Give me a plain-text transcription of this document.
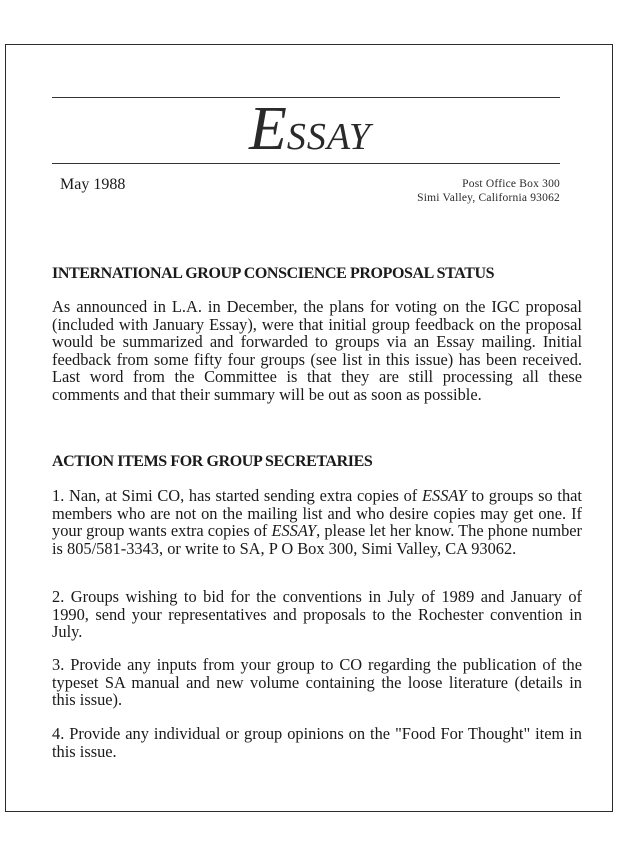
ESSAY
May 1988	Post Office Box 300
Simi Valley, California 93062
INTERNATIONAL GROUP CONSCIENCE PROPOSAL STATUS

As announced in L.A. in December, the plans for voting on the IGC proposal (included with January Essay), were that initial group feedback on the proposal would be summarized and forwarded to groups via an Essay mailing. Initial feedback from some fifty four groups (see list in this issue) has been received. Last word from the Committee is that they are still processing all these comments and that their summary will be out as soon as possible.

ACTION ITEMS FOR GROUP SECRETARIES

1. Nan, at Simi CO, has started sending extra copies of ESSAY to groups so that members who are not on the mailing list and who desire copies may get one. If your group wants extra copies of ESSAY, please let her know. The phone number is 805/581-3343, or write to SA, P O Box 300, Simi Valley, CA 93062.

2. Groups wishing to bid for the conventions in July of 1989 and January of 1990, send your representatives and proposals to the Rochester convention in July.

3. Provide any inputs from your group to CO regarding the publication of the typeset SA manual and new volume containing the loose literature (details in this issue).

4. Provide any individual or group opinions on the "Food For Thought" item in this issue.
